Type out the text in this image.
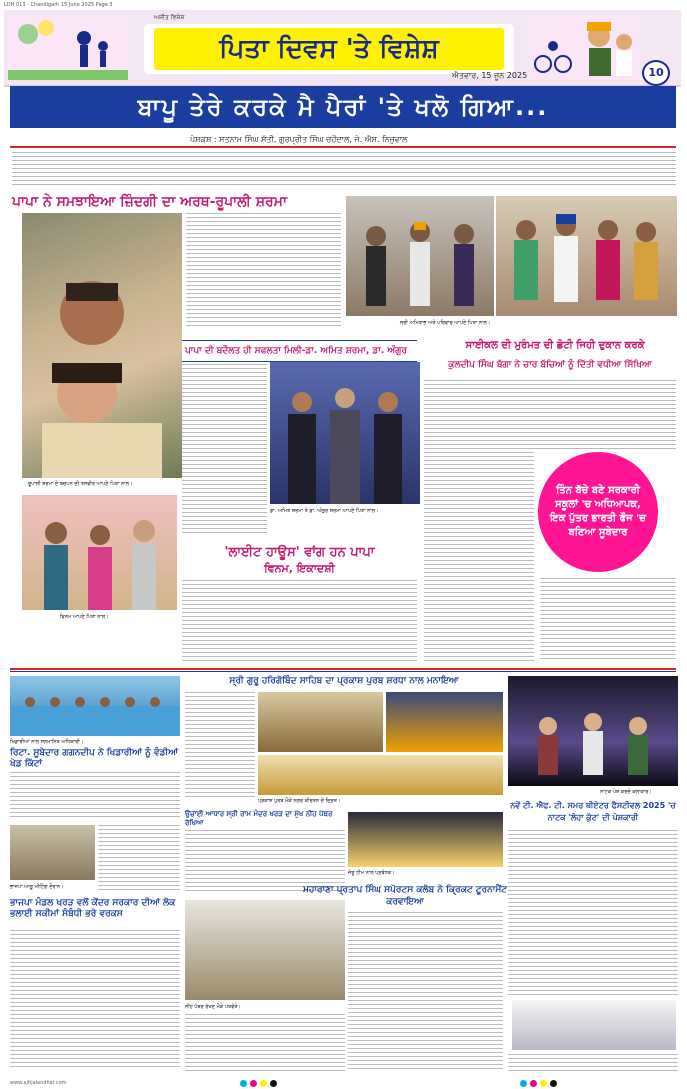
LDH 013 - Chandigarh 15 June 2025 Page 3
ਅਜੀਤ ਵਿਸ਼ੇਸ਼
ਪਿਤਾ ਦਿਵਸ 'ਤੇ ਵਿਸ਼ੇਸ਼
ਐਤਵਾਰ, 15 ਜੂਨ 2025	10
ਬਾਪੂ ਤੇਰੇ ਕਰਕੇ ਮੈ ਪੈਰਾਂ 'ਤੇ ਖਲੋ ਗਿਆ...
ਪੇਸ਼ਕਸ਼ : ਸਤਨਾਮ ਸਿੰਘ ਸੱਤੀ, ਗੁਰਪ੍ਰੀਤ ਸਿੰਘ ਚਹੇਂਦਾਲ, ਜੇ. ਐਸ. ਨਿਜ਼ੁਵਾਲ
ਪਾਪਾ ਨੇ ਸਮਝਾਇਆ ਜ਼ਿੰਦਗੀ ਦਾ ਅਰਥ-ਰੂਪਾਲੀ ਸ਼ਰਮਾ
ਰੂਪਾਲੀ ਸ਼ਰਮਾ ਦੇ ਬਚਪਨ ਦੀ ਤਸਵੀਰ ਆਪਣੇ ਪਿਤਾ ਨਾਲ।
ਸ੍ਰੀ ਅਮਿਤਾਭ ਅਤੇ ਪਰਿਵਾਰ ਆਪਣੇ ਪਿਤਾ ਨਾਲ।
ਪਾਪਾ ਦੀ ਬਦੌਲਤ ਹੀ ਸਫਲਤਾ ਮਿਲੀ-ਡਾ. ਅਮਿਤ ਸ਼ਰਮਾ, ਡਾ. ਅੰਗੁਰ
ਡਾ. ਅਮਿਤ ਸ਼ਰਮਾ ਤੇ ਡਾ. ਅੰਗੁਰ ਸ਼ਰਮਾ ਆਪਣੇ ਪਿਤਾ ਨਾਲ।
ਸਾਈਕਲ ਦੀ ਮੁਰੰਮਤ ਦੀ ਛੋਟੀ ਜਿਹੀ ਦੁਕਾਨ ਕਰਕੇ
ਕੁਲਦੀਪ ਸਿੰਘ ਬੱਗਾ ਨੇ ਚਾਰ ਬੱਚਿਆਂ ਨੂੰ ਦਿੱਤੀ ਵਧੀਆ ਸਿੱਖਿਆ
ਤਿੰਨ ਬੱਚੇ ਬਣੇ ਸਰਕਾਰੀ ਸਕੂਲਾਂ 'ਚ ਅਧਿਆਪਕ, ਇਕ ਪੁੱਤਰ ਭਾਰਤੀ ਫੌਜ 'ਚ ਬਣਿਆ ਸੂਬੇਦਾਰ
ਵਿਨਮ ਆਪਣੇ ਪਿਤਾ ਨਾਲ।
'ਲਾਈਟ ਹਾਊਸ' ਵਾਂਗ ਹਨ ਪਾਪਾ
ਵਿਨਮ, ਇਕਾਦਸ਼ੀ
ਖਿਡਾਰੀਆਂ ਨਾਲ ਸਨਮਾਨਿਤ ਅਧਿਕਾਰੀ।
ਰਿਟਾ. ਸੂਬੇਦਾਰ ਗਗਨਦੀਪ ਨੇ ਖਿਡਾਰੀਆਂ ਨੂੰ ਵੰਡੀਆਂ ਖੇਡ ਕਿੱਟਾਂ
ਭਾਜਪਾ ਆਗੂ ਮੀਟਿੰਗ ਦੌਰਾਨ।
ਭਾਜਪਾ ਮੰਡਲ ਖਰੜ ਵਲੋਂ ਕੇਂਦਰ ਸਰਕਾਰ ਦੀਆਂ ਲੋਕ ਭਲਾਈ ਸਕੀਮਾਂ ਸੰਬੰਧੀ ਭਰੇ ਵਰਕਸ
ਸ੍ਰੀ ਗੁਰੂ ਹਰਿਗੋਬਿੰਦ ਸਾਹਿਬ ਦਾ ਪ੍ਰਕਾਸ਼ ਪੁਰਬ ਸ਼ਰਧਾ ਨਾਲ ਮਨਾਇਆ
ਪ੍ਰਕਾਸ਼ ਪੁਰਬ ਮੌਕੇ ਨਗਰ ਕੀਰਤਨ ਦੇ ਦ੍ਰਿਸ਼।
ਉਚਾਈ ਆਧਾਰ ਸ੍ਰੀ ਰਾਮ ਮੰਦਰ ਖਰੜ ਦਾ ਮੁੱਖ ਨੀਂਹ ਪੱਥਰ ਰੱਖਿਆ
ਜੇਤੂ ਟੀਮ ਨਾਲ ਪ੍ਰਬੰਧਕ।
ਮਹਾਰਾਣਾ ਪ੍ਰਤਾਪ ਸਿੰਘ ਸਪੋਰਟਸ ਕਲੱਬ ਨੇ ਕ੍ਰਿਕਟ ਟੂਰਨਾਮੈਂਟ ਕਰਵਾਇਆ
ਨੀਂਹ ਪੱਥਰ ਰੱਖਣ ਮੌਕੇ ਪਤਵੰਤੇ।
ਨਾਟਕ ਪੇਸ਼ ਕਰਦੇ ਕਲਾਕਾਰ।
ਨਵੇਂ ਟੀ. ਐਫ. ਟੀ. ਸਮਰ ਥੀਏਟਰ ਫੈਸਟੀਵਲ 2025 'ਚ ਨਾਟਕ 'ਲੋਹਾ ਕੁੱਟ' ਦੀ ਪੇਸ਼ਕਾਰੀ
www.ajitjalandhar.com
